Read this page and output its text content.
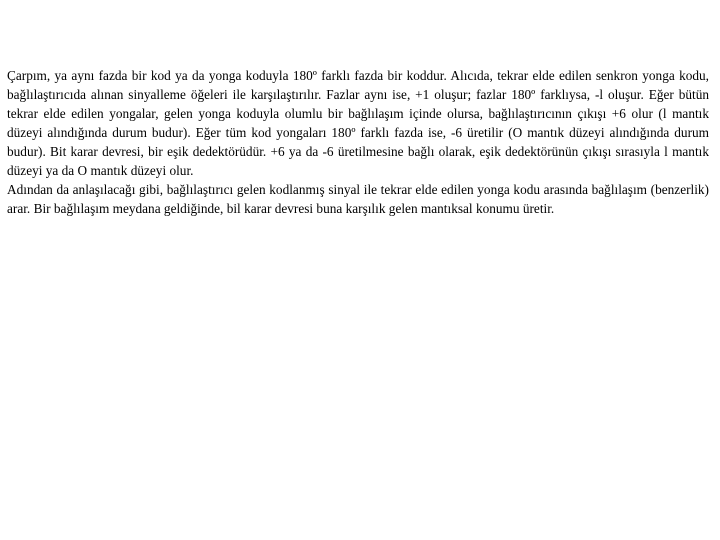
Çarpım, ya aynı fazda bir kod ya da yonga koduyla 180º farklı fazda bir koddur. Alıcıda, tekrar elde edilen senkron yonga kodu, bağlılaştırıcıda alınan sinyalleme öğeleri ile karşılaştırılır. Fazlar aynı ise, +1 oluşur; fazlar 180º farklıysa, -l oluşur. Eğer bütün tekrar elde edilen yongalar, gelen yonga koduyla olumlu bir bağlılaşım içinde olursa, bağlılaştırıcının çıkışı +6 olur (l mantık düzeyi alındığında durum budur). Eğer tüm kod yongaları 180º farklı fazda ise, -6 üretilir (O mantık düzeyi alındığında durum budur). Bit karar devresi, bir eşik dedektörüdür. +6 ya da -6 üretilmesine bağlı olarak, eşik dedektörünün çıkışı sırasıyla l mantık düzeyi ya da O mantık düzeyi olur.

Adından da anlaşılacağı gibi, bağlılaştırıcı gelen kodlanmış sinyal ile tekrar elde edilen yonga kodu arasında bağlılaşım (benzerlik) arar. Bir bağlılaşım meydana geldiğinde, bil karar devresi buna karşılık gelen mantıksal konumu üretir.
